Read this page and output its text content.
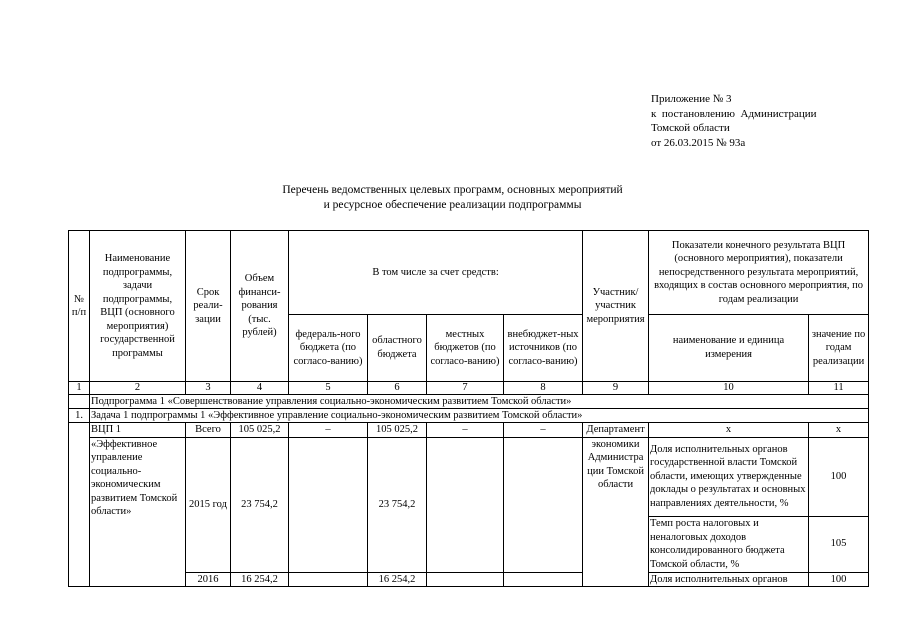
Приложение № 3
к  постановлению  Администрации
Томской области
от 26.03.2015 № 93а
Перечень ведомственных целевых программ, основных мероприятий
и ресурсное обеспечение реализации подпрограммы
№ п/п	Наименование подпрограммы, задачи подпрограммы, ВЦП (основного мероприятия) государственной программы	Срок реали-зации	Объем финанси-рования (тыс. рублей)	В том числе за счет средств:				Участник/ участник мероприятия	Показатели конечного результата ВЦП (основного мероприятия), показатели непосредственного результата мероприятий, входящих в состав основного мероприятия, по годам реализации	
				федераль-ного бюджета (по согласо-ванию)	областного бюджета	местных бюджетов (по согласо-ванию)	внебюджет-ных источников (по согласо-ванию)		наименование и единица измерения	значение по годам реализации
1	2	3	4	5	6	7	8	9	10	11
	Подпрограмма 1 «Совершенствование управления социально-экономическим развитием Томской области»									
1.	Задача 1 подпрограммы 1 «Эффективное управление социально-экономическим развитием Томской области»									
	ВЦП 1	Всего	105 025,2	–	105 025,2	–	–	Департамент	х	х
	«Эффективное управление социально-экономическим развитием Томской области»	2015 год	23 754,2		23 754,2			экономики Администра ции Томской области	Доля исполнительных органов государственной власти Томской области, имеющих утвержденные доклады о результатах и основных направлениях деятельности, %	100
									Темп роста налоговых и неналоговых доходов консолидированного бюджета Томской области, %	105
		2016	16 254,2		16 254,2				Доля исполнительных органов	100
